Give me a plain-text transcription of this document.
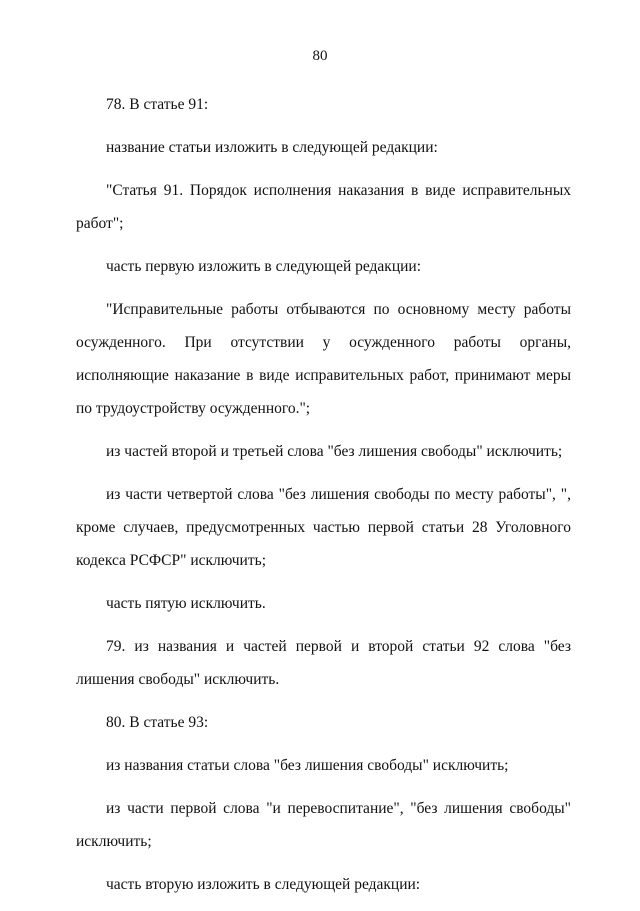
80

78. В статье 91:

название статьи изложить в следующей редакции:

"Статья 91. Порядок исполнения наказания в виде исправительных работ";

часть первую изложить в следующей редакции:

"Исправительные работы отбываются по основному месту работы осужденного. При отсутствии у осужденного работы органы, исполняющие наказание в виде исправительных работ, принимают меры по трудоустройству осужденного.";

из частей второй и третьей слова "без лишения свободы" исключить;

из части четвертой слова "без лишения свободы по месту работы", ", кроме случаев, предусмотренных частью первой статьи 28 Уголовного кодекса РСФСР" исключить;

часть пятую исключить.

79. из названия и частей первой и второй статьи 92 слова "без лишения свободы" исключить.

80. В статье 93:

из названия статьи слова "без лишения свободы" исключить;

из части первой слова "и перевоспитание", "без лишения свободы" исключить;

часть вторую изложить в следующей редакции:
